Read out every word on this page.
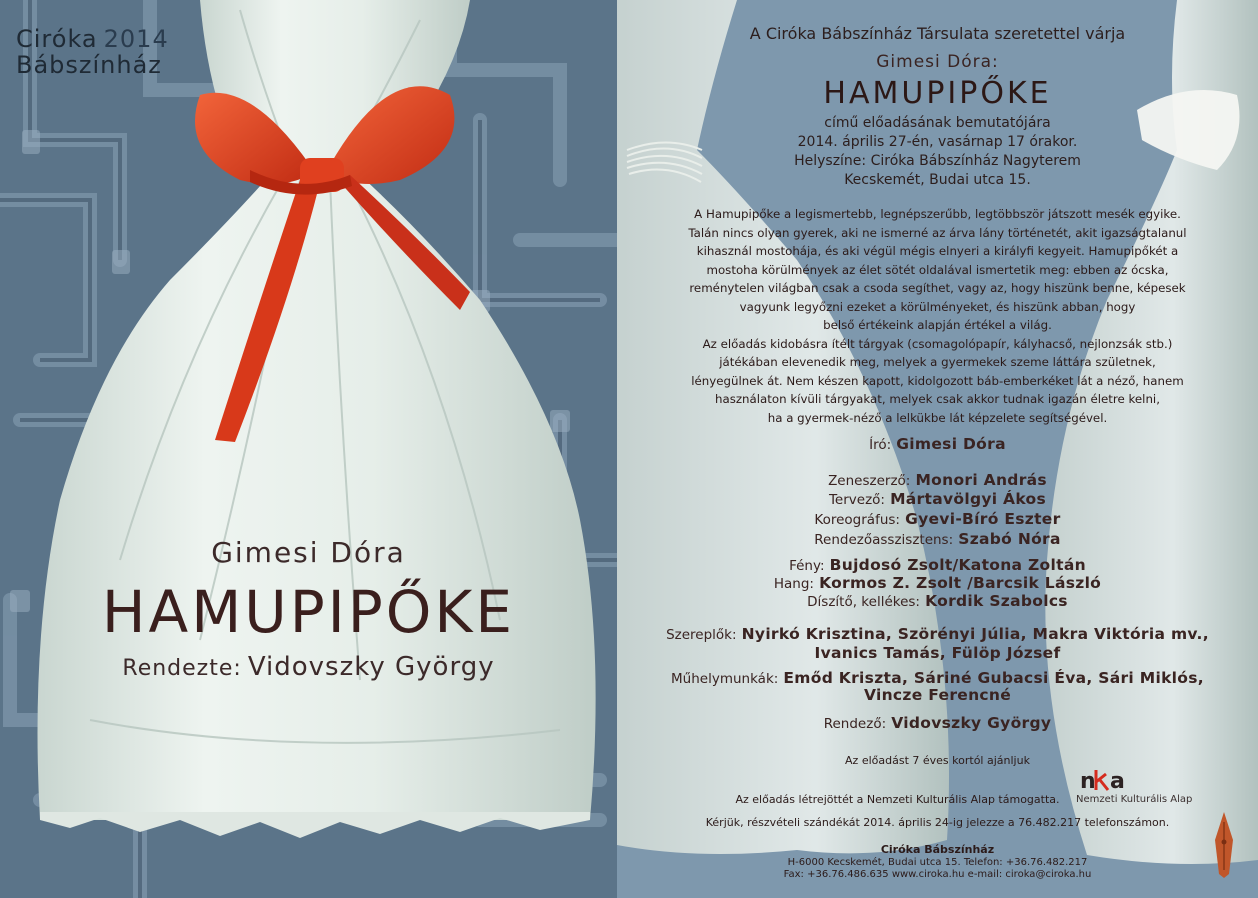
Ciróka 2014
Bábszínház
Gimesi Dóra
HAMUPIPŐKE
Rendezte: Vidovszky György
A Ciróka Bábszínház Társulata szeretettel várja
Gimesi Dóra:
HAMUPIPŐKE
című előadásának bemutatójára
2014. április 27-én, vasárnap 17 órakor.
Helyszíne: Ciróka Bábszínház Nagyterem
Kecskemét, Budai utca 15.
A Hamupipőke a legismertebb, legnépszerűbb, legtöbbször játszott mesék egyike.
Talán nincs olyan gyerek, aki ne ismerné az árva lány történetét, akit igazságtalanul
kihasznál mostohája, és aki végül mégis elnyeri a királyfi kegyeit. Hamupipőkét a
mostoha körülmények az élet sötét oldalával ismertetik meg: ebben az ócska,
reménytelen világban csak a csoda segíthet, vagy az, hogy hiszünk benne, képesek
vagyunk legyőzni ezeket a körülményeket, és hiszünk abban, hogy
belső értékeink alapján értékel a világ.
Az előadás kidobásra ítélt tárgyak (csomagolópapír, kályhacső, nejlonzsák stb.)
játékában elevenedik meg, melyek a gyermekek szeme láttára születnek,
lényegülnek át. Nem készen kapott, kidolgozott báb-emberkéket lát a néző, hanem
használaton kívüli tárgyakat, melyek csak akkor tudnak igazán életre kelni,
ha a gyermek-néző a lelkükbe lát képzelete segítségével.
Író: Gimesi Dóra
Zeneszerző: Monori András
Tervező: Mártavölgyi Ákos
Koreográfus: Gyevi-Bíró Eszter
Rendezőasszisztens: Szabó Nóra
Fény: Bujdosó Zsolt/Katona Zoltán
Hang: Kormos Z. Zsolt /Barcsik László
Díszítő, kellékes: Kordik Szabolcs
Szereplők: Nyirkó Krisztina, Szörényi Júlia, Makra Viktória mv.,
Ivanics Tamás, Fülöp József
Műhelymunkák: Emőd Kriszta, Sáriné Gubacsi Éva, Sári Miklós,
Vincze Ferencné
Rendező: Vidovszky György
Az előadást 7 éves kortól ajánljuk
Az előadás létrejöttét a Nemzeti Kulturális Alap támogatta.
Kérjük, részvételi szándékát 2014. április 24-ig jelezze a 76.482.217 telefonszámon.
n a
Nemzeti Kulturális Alap
Ciróka Bábszínház
H-6000 Kecskemét, Budai utca 15. Telefon: +36.76.482.217
Fax: +36.76.486.635 www.ciroka.hu e-mail: ciroka@ciroka.hu
